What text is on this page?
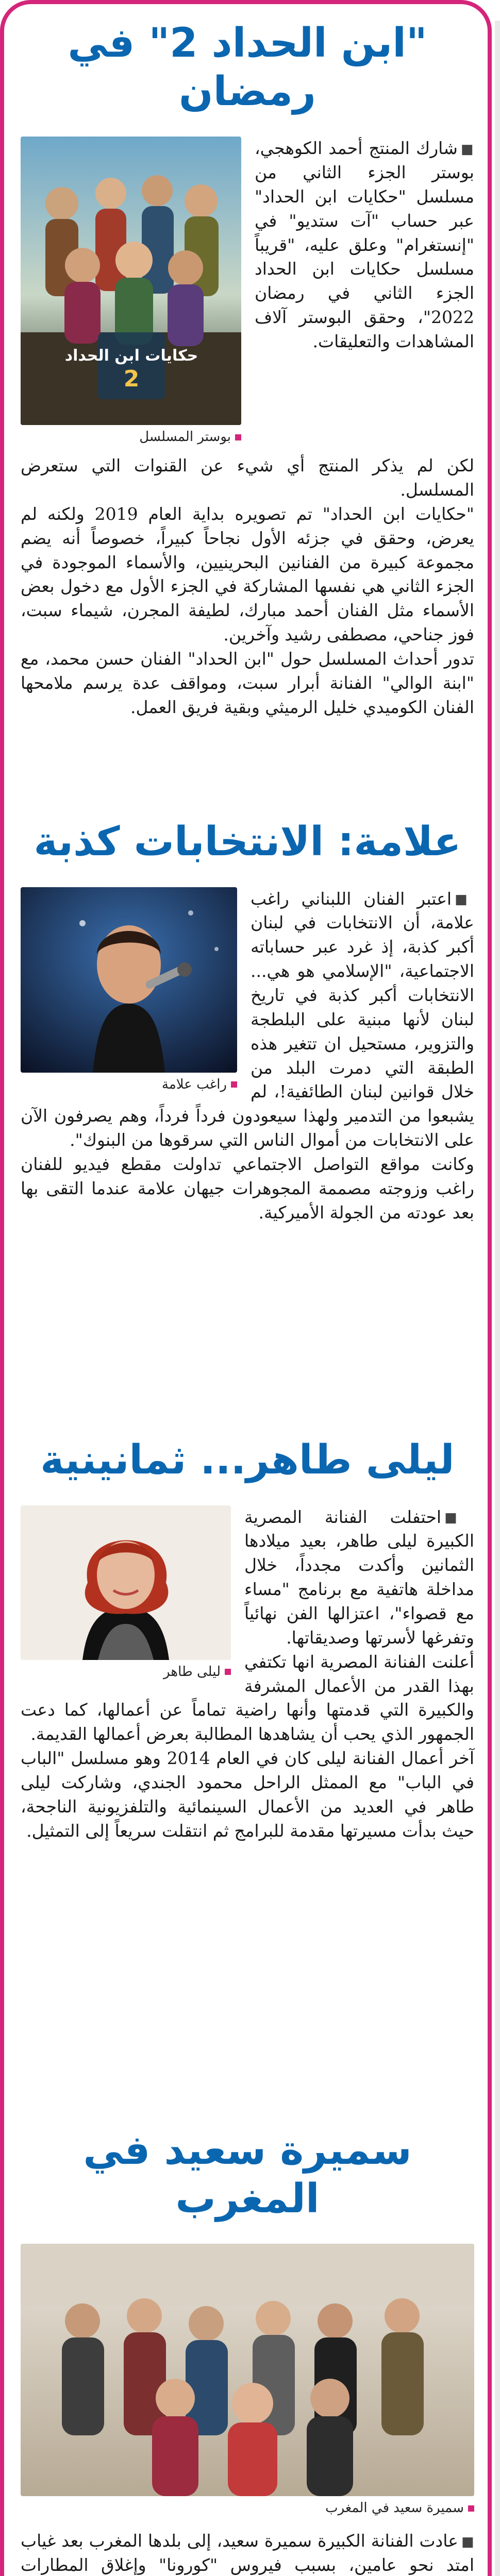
"ابن الحداد 2" في رمضان
حكايات ابن الحداد
2
بوستر المسلسل

■شارك المنتج أحمد الكوهجي، بوستر الجزء الثاني من مسلسل "حكايات ابن الحداد" عبر حساب "آت ستديو" في "إنستغرام" وعلق عليه، "قريباً مسلسل حكايات ابن الحداد الجزء الثاني في رمضان 2022"، وحقق البوستر آلاف المشاهدات والتعليقات.

لكن لم يذكر المنتج أي شيء عن القنوات التي ستعرض المسلسل.

"حكايات ابن الحداد" تم تصويره بداية العام 2019 ولكنه لم يعرض، وحقق في جزئه الأول نجاحاً كبيراً، خصوصاً أنه يضم مجموعة كبيرة من الفنانين البحرينيين، والأسماء الموجودة في الجزء الثاني هي نفسها المشاركة في الجزء الأول مع دخول بعض الأسماء مثل الفنان أحمد مبارك، لطيفة المجرن، شيماء سبت، فوز جناحي، مصطفى رشيد وآخرين.

تدور أحداث المسلسل حول "ابن الحداد" الفنان حسن محمد، مع "ابنة الوالي" الفنانة أبرار سبت، ومواقف عدة يرسم ملامحها الفنان الكوميدي خليل الرميثي وبقية فريق العمل.

علامة: الانتخابات كذبة
راغب علامة

■اعتبر الفنان اللبناني راغب علامة، أن الانتخابات في لبنان أكبر كذبة، إذ غرد عبر حساباته الاجتماعية، "الإسلامي هو هي... الانتخابات أكبر كذبة في تاريخ لبنان لأنها مبنية على البلطجة والتزوير، مستحيل ان تتغير هذه الطبقة التي دمرت البلد من خلال قوانين لبنان الطائفية!، لم يشبعوا من التدمير ولهذا سيعودون فرداً فرداً، وهم يصرفون الآن على الانتخابات من أموال الناس التي سرقوها من البنوك".

وكانت مواقع التواصل الاجتماعي تداولت مقطع فيديو للفنان راغب وزوجته مصممة المجوهرات جيهان علامة عندما التقى بها بعد عودته من الجولة الأميركية.

ليلى طاهر... ثمانينية
ليلى طاهر

■احتفلت الفنانة المصرية الكبيرة ليلى طاهر، بعيد ميلادها الثمانين وأكدت مجدداً، خلال مداخلة هاتفية مع برنامج "مساء مع قصواء"، اعتزالها الفن نهائياً وتفرغها لأسرتها وصديقاتها.

أعلنت الفنانة المصرية انها تكتفي بهذا القدر من الأعمال المشرفة والكبيرة التي قدمتها وأنها راضية تماماً عن أعمالها، كما دعت الجمهور الذي يحب أن يشاهدها المطالبة بعرض أعمالها القديمة.

آخر أعمال الفنانة ليلى كان في العام 2014 وهو مسلسل "الباب في الباب" مع الممثل الراحل محمود الجندي، وشاركت ليلى طاهر في العديد من الأعمال السينمائية والتلفزيونية الناجحة، حيث بدأت مسيرتها مقدمة للبرامج ثم انتقلت سريعاً إلى التمثيل.

سميرة سعيد في المغرب
سميرة سعيد في المغرب

■عادت الفنانة الكبيرة سميرة سعيد، إلى بلدها المغرب بعد غياب امتد نحو عامين، بسبب فيروس "كورونا" وإغلاق المطارات
